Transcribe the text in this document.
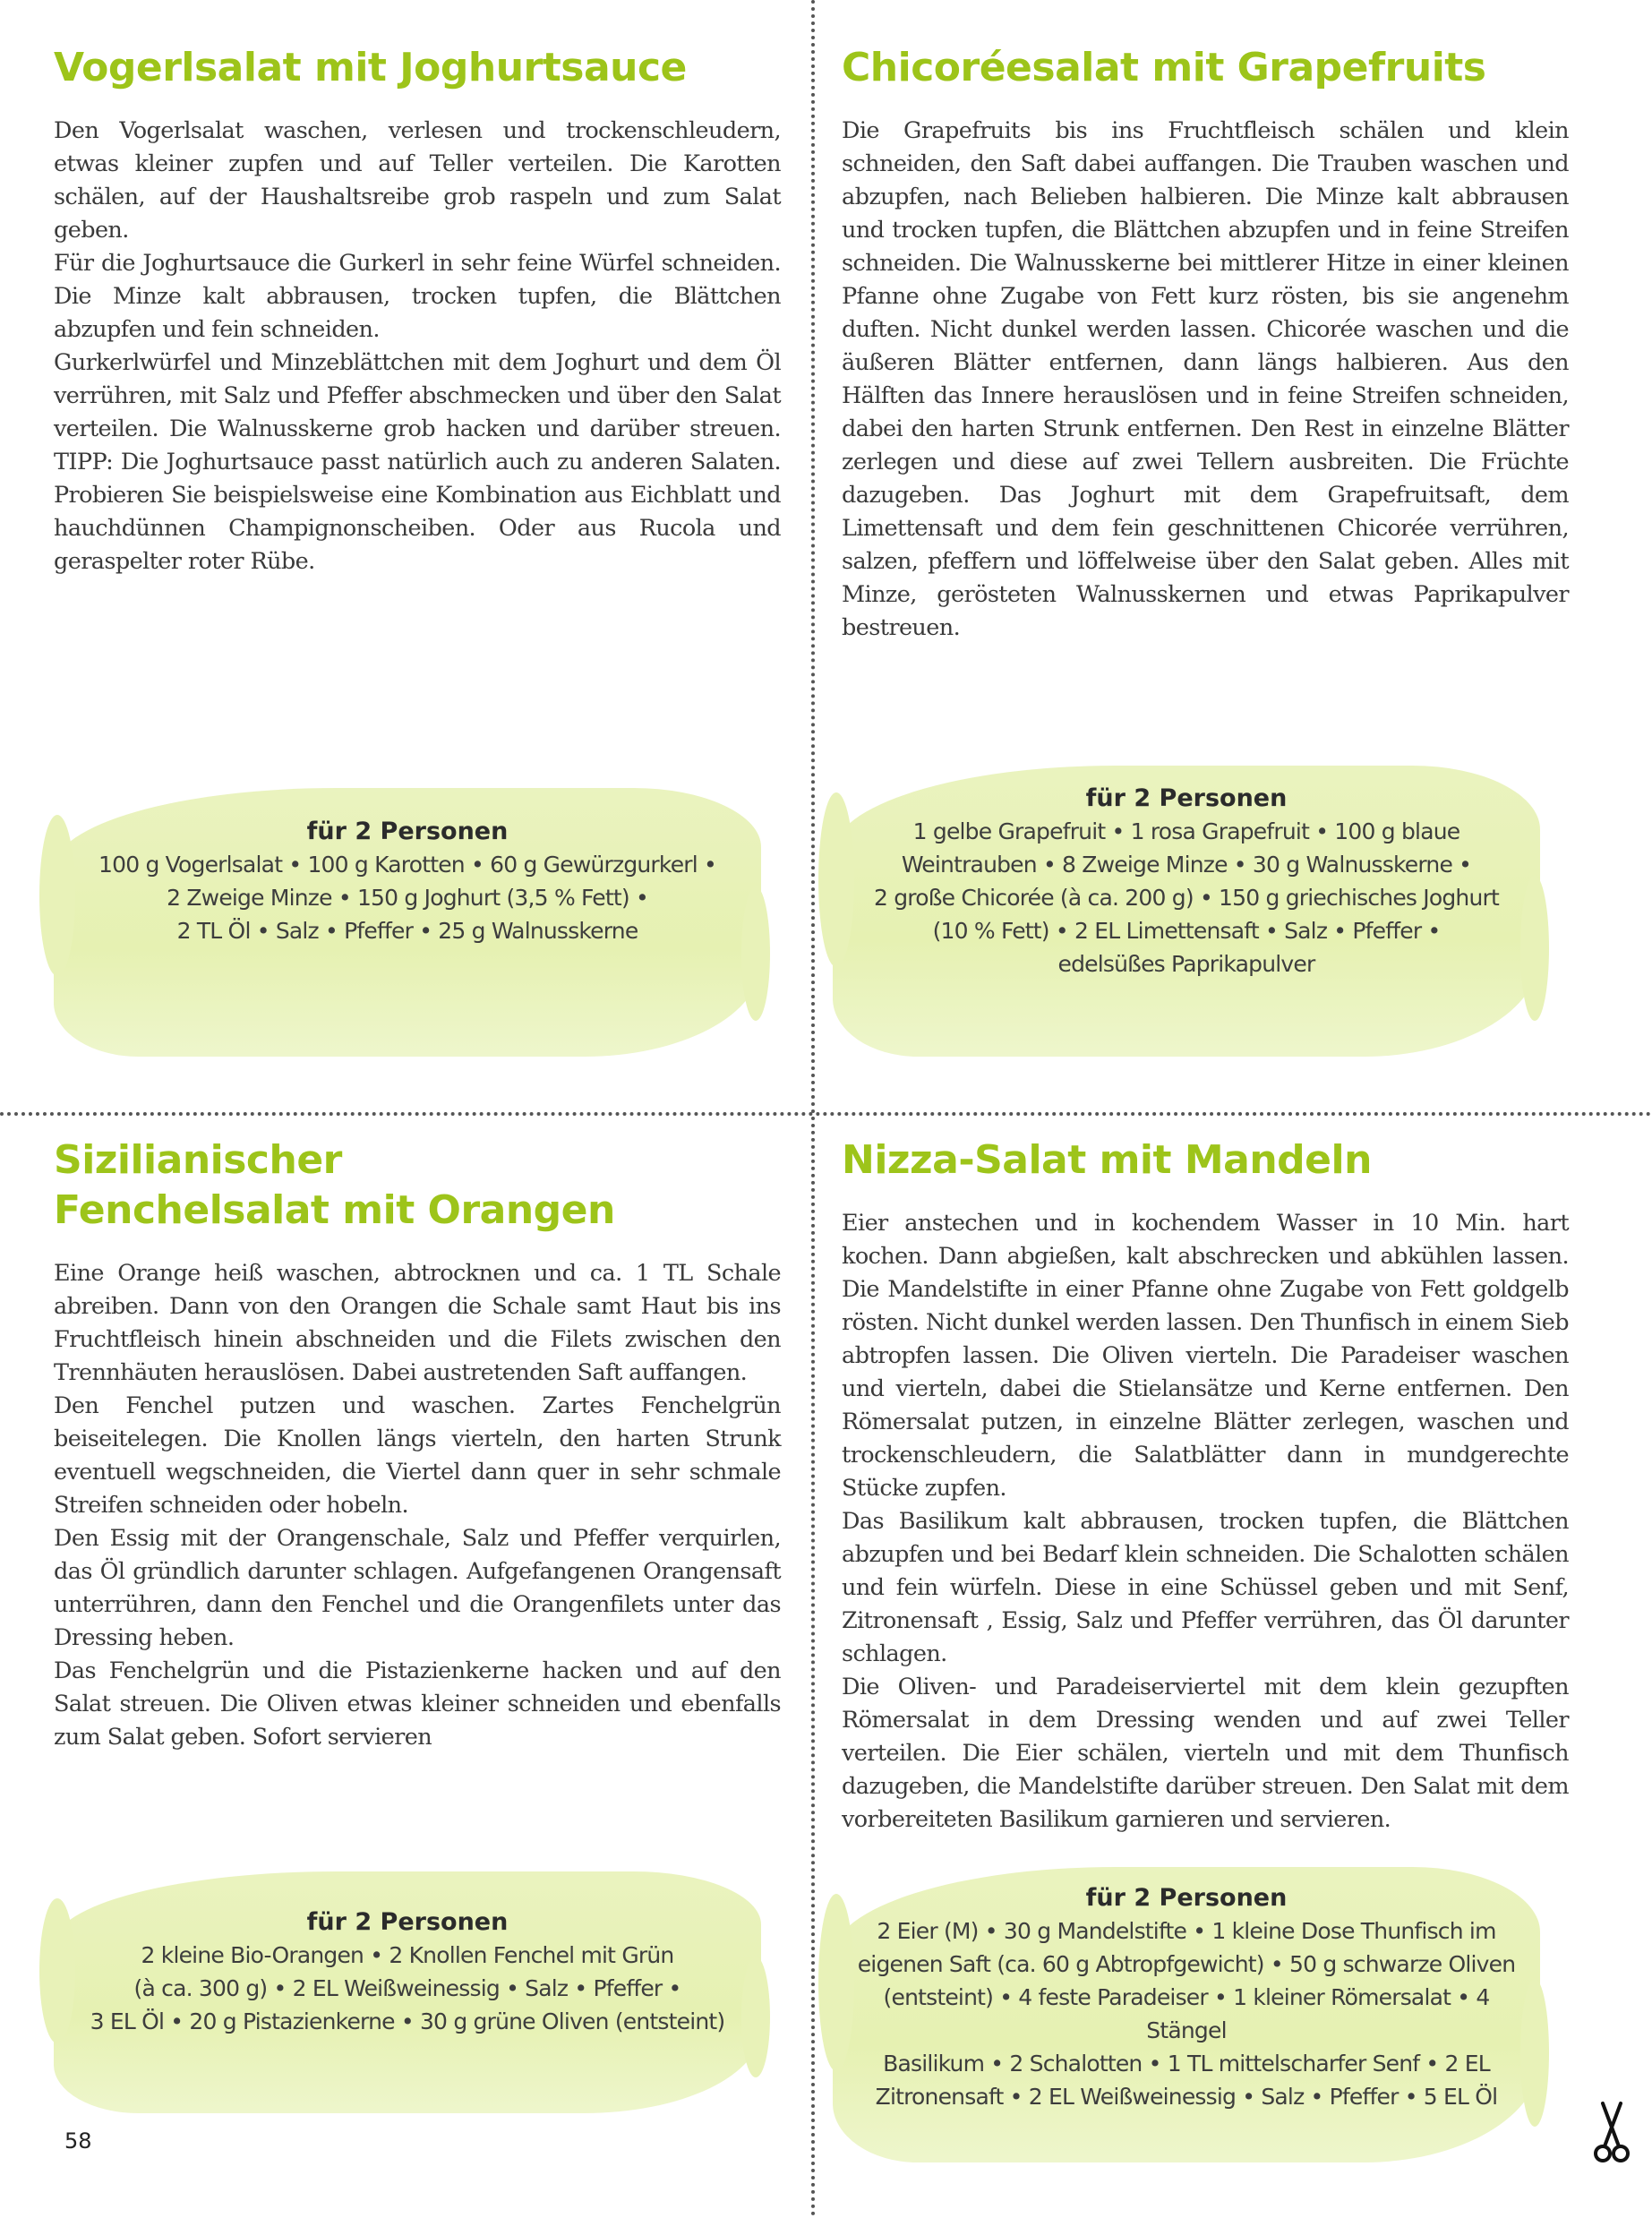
Vogerlsalat mit Joghurtsauce

Den Vogerlsalat waschen, verlesen und trockenschleudern, etwas kleiner zupfen und auf Teller verteilen. Die Karotten schälen, auf der Haushaltsreibe grob raspeln und zum Salat geben.

Für die Joghurtsauce die Gurkerl in sehr feine Würfel schneiden. Die Minze kalt abbrausen, trocken tupfen, die Blättchen abzupfen und fein schneiden.

Gurkerlwürfel und Minzeblättchen mit dem Joghurt und dem Öl verrühren, mit Salz und Pfeffer abschmecken und über den Salat verteilen. Die Walnusskerne grob hacken und darüber streuen. TIPP: Die Joghurtsauce passt natürlich auch zu anderen Salaten. Probieren Sie beispielsweise eine Kombination aus Eichblatt und hauchdünnen Champignonscheiben. Oder aus Rucola und geraspelter roter Rübe.

für 2 Personen
100 g Vogerlsalat • 100 g Karotten • 60 g Gewürzgurkerl •
2 Zweige Minze • 150 g Joghurt (3,5 % Fett) •
2 TL Öl • Salz • Pfeffer • 25 g Walnusskerne
Chicoréesalat mit Grapefruits

Die Grapefruits bis ins Fruchtfleisch schälen und klein schneiden, den Saft dabei auffangen. Die Trauben waschen und abzupfen, nach Belieben halbieren. Die Minze kalt abbrausen und trocken tupfen, die Blättchen abzupfen und in feine Streifen schneiden. Die Walnusskerne bei mittlerer Hitze in einer kleinen Pfanne ohne Zugabe von Fett kurz rösten, bis sie angenehm duften. Nicht dunkel werden lassen. Chicorée waschen und die äußeren Blätter entfernen, dann längs halbieren. Aus den Hälften das Innere herauslösen und in feine Streifen schneiden, dabei den harten Strunk entfernen. Den Rest in einzelne Blätter zerlegen und diese auf zwei Tellern ausbreiten. Die Früchte dazugeben. Das Joghurt mit dem Grapefruitsaft, dem Limettensaft und dem fein geschnittenen Chicorée verrühren, salzen, pfeffern und löffelweise über den Salat geben. Alles mit Minze, gerösteten Walnusskernen und etwas Paprikapulver bestreuen.

für 2 Personen
1 gelbe Grapefruit • 1 rosa Grapefruit • 100 g blaue
Weintrauben • 8 Zweige Minze • 30 g Walnusskerne •
2 große Chicorée (à ca. 200 g) • 150 g griechisches Joghurt
(10 % Fett) • 2 EL Limettensaft • Salz • Pfeffer •
edelsüßes Paprikapulver
Sizilianischer Fenchelsalat mit Orangen

Eine Orange heiß waschen, abtrocknen und ca. 1 TL Schale abreiben. Dann von den Orangen die Schale samt Haut bis ins Fruchtfleisch hinein abschneiden und die Filets zwischen den Trennhäuten herauslösen. Dabei austretenden Saft auffangen.

Den Fenchel putzen und waschen. Zartes Fenchelgrün beiseitelegen. Die Knollen längs vierteln, den harten Strunk eventuell wegschneiden, die Viertel dann quer in sehr schmale Streifen schneiden oder hobeln.

Den Essig mit der Orangenschale, Salz und Pfeffer verquirlen, das Öl gründlich darunter schlagen. Aufgefangenen Orangensaft unterrühren, dann den Fenchel und die Orangenfilets unter das Dressing heben.

Das Fenchelgrün und die Pistazienkerne hacken und auf den Salat streuen. Die Oliven etwas kleiner schneiden und ebenfalls zum Salat geben. Sofort servieren

für 2 Personen
2 kleine Bio-Orangen • 2 Knollen Fenchel mit Grün
(à ca. 300 g) • 2 EL Weißweinessig • Salz • Pfeffer •
3 EL Öl • 20 g Pistazienkerne • 30 g grüne Oliven (entsteint)
Nizza-Salat mit Mandeln

Eier anstechen und in kochendem Wasser in 10 Min. hart kochen. Dann abgießen, kalt abschrecken und abkühlen lassen. Die Mandelstifte in einer Pfanne ohne Zugabe von Fett goldgelb rösten. Nicht dunkel werden lassen. Den Thunfisch in einem Sieb abtropfen lassen. Die Oliven vierteln. Die Paradeiser waschen und vierteln, dabei die Stielansätze und Kerne entfernen. Den Römersalat putzen, in einzelne Blätter zerlegen, waschen und trockenschleudern, die Salatblätter dann in mundgerechte Stücke zupfen.

Das Basilikum kalt abbrausen, trocken tupfen, die Blättchen abzupfen und bei Bedarf klein schneiden. Die Schalotten schälen und fein würfeln. Diese in eine Schüssel geben und mit Senf, Zitronensaft , Essig, Salz und Pfeffer verrühren, das Öl darunter schlagen.

Die Oliven- und Paradeiserviertel mit dem klein gezupften Römersalat in dem Dressing wenden und auf zwei Teller verteilen. Die Eier schälen, vierteln und mit dem Thunfisch dazugeben, die Mandelstifte darüber streuen. Den Salat mit dem vorbereiteten Basilikum garnieren und servieren.

für 2 Personen
2 Eier (M) • 30 g Mandelstifte • 1 kleine Dose Thunfisch im
eigenen Saft (ca. 60 g Abtropfgewicht) • 50 g schwarze Oliven
(entsteint) • 4 feste Paradeiser • 1 kleiner Römersalat • 4 Stängel
Basilikum • 2 Schalotten • 1 TL mittelscharfer Senf • 2 EL
Zitronensaft • 2 EL Weißweinessig • Salz • Pfeffer • 5 EL Öl
58
